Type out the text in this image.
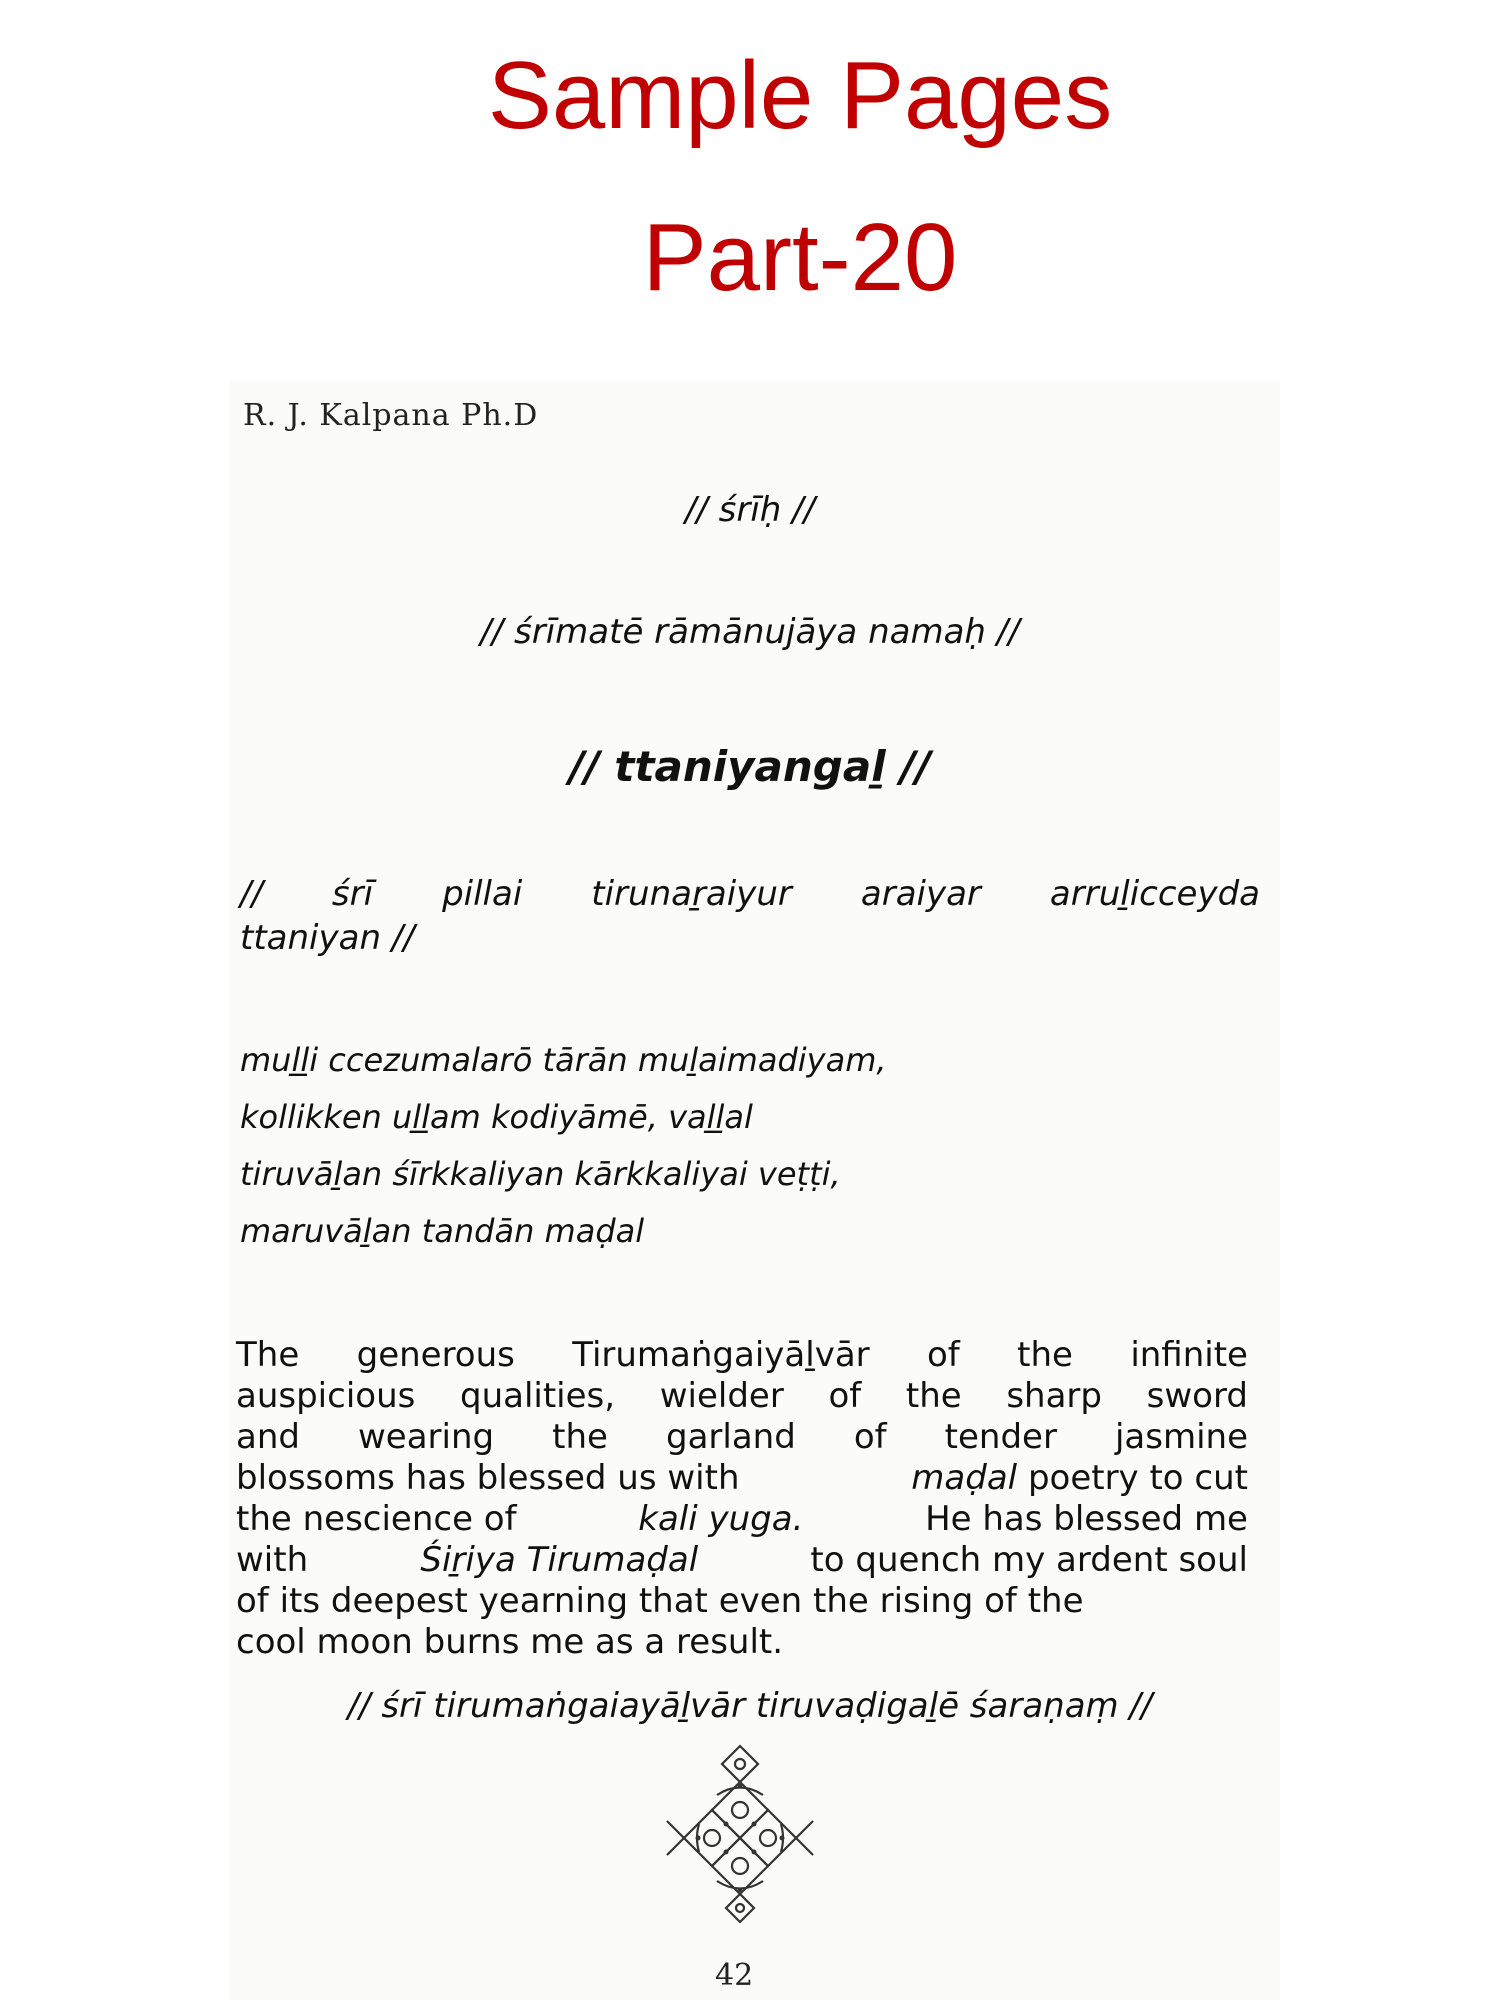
Sample Pages
Part-20
R. J. Kalpana Ph.D
// śrīḥ //
// śrīmatē rāmānujāya namaḥ //
// ttaniyangaḻ //
// śrī pillai tirunaṟaiyur araiyar arruḻicceyda
ttaniyan //
muḻḻi ccezumalarō tārān muḻaimadiyam,
kollikken uḻḻam kodiyāmē, vaḻḻal
tiruvāḻan śīrkkaliyan kārkkaliyai veṭṭi,
maruvāḻan tandān maḍal
The generous Tirumaṅgaiyāḻvār of the infinite
auspicious qualities, wielder of the sharp sword
and wearing the garland of tender jasmine
blossoms has blessed us with	maḍal poetry to cut
the nescience of	kali yuga.	He has blessed me
with	Śiṟiya Tirumaḍal	to quench my ardent soul
of its deepest yearning that even the rising of the
cool moon burns me as a result.
// śrī tirumaṅgaiayāḻvār tiruvaḍigaḻē śaraṇaṃ //
42
